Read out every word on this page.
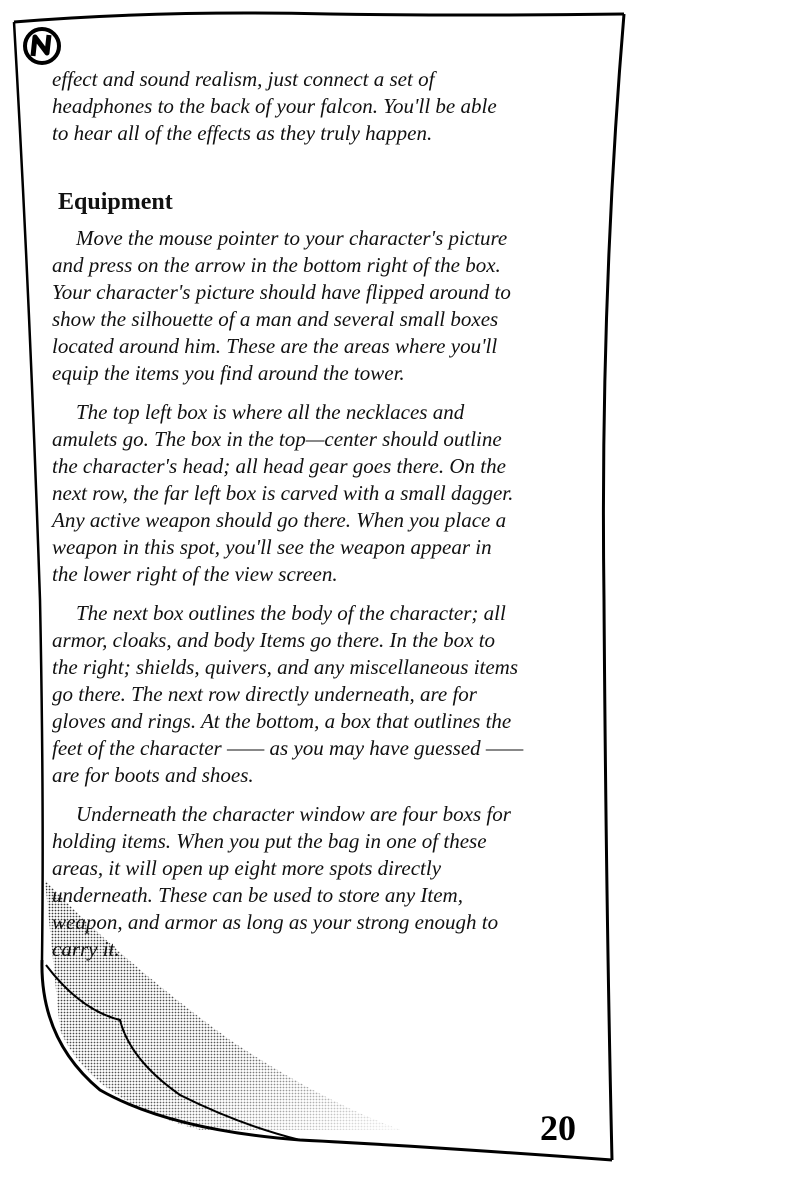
effect and sound realism, just connect a set of

headphones to the back of your falcon. You'll be able

to hear all of the effects as they truly happen.

Equipment

Move the mouse pointer to your character's picture

and press on the arrow in the bottom right of the box.

Your character's picture should have flipped around to

show the silhouette of a man and several small boxes

located around him. These are the areas where you'll

equip the items you find around the tower.

The top left box is where all the necklaces and

amulets go. The box in the top—center should outline

the character's head; all head gear goes there. On the

next row, the far left box is carved with a small dagger.

Any active weapon should go there. When you place a

weapon in this spot, you'll see the weapon appear in

the lower right of the view screen.

The next box outlines the body of the character; all

armor, cloaks, and body Items go there. In the box to

the right; shields, quivers, and any miscellaneous items

go there. The next row directly underneath, are for

gloves and rings. At the bottom, a box that outlines the

feet of the character —— as you may have guessed ——

are for boots and shoes.

Underneath the character window are four boxs for

holding items. When you put the bag in one of these

areas, it will open up eight more spots directly

underneath. These can be used to store any Item,

weapon, and armor as long as your strong enough to

carry it.

20
